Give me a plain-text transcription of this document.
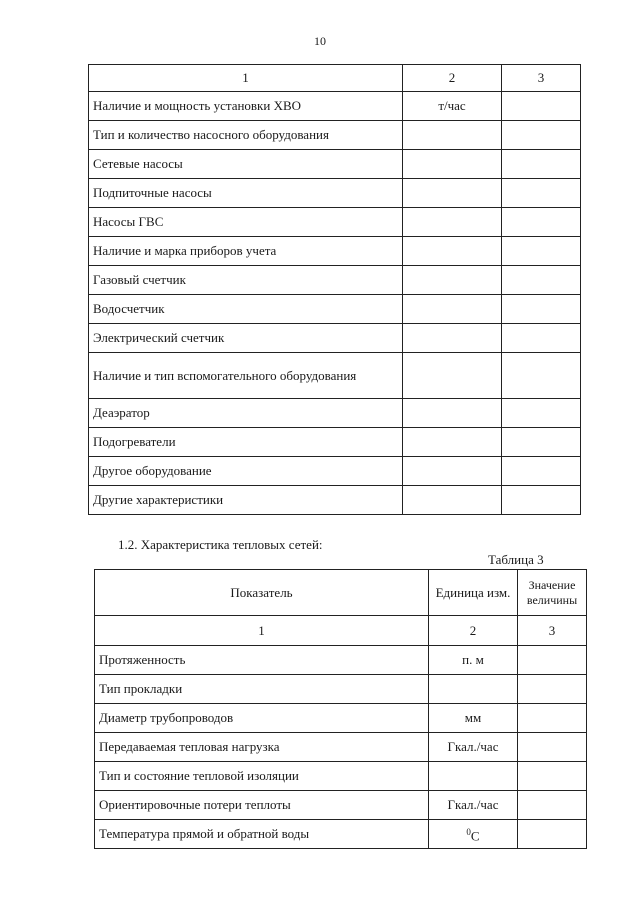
10
1	2	3
Наличие и мощность установки ХВО	т/час	
Тип и количество насосного оборудования		
Сетевые насосы		
Подпиточные насосы		
Насосы ГВС		
Наличие и марка приборов учета		
Газовый счетчик		
Водосчетчик		
Электрический счетчик		
Наличие и тип вспомогательного оборудования		
Деаэратор		
Подогреватели		
Другое оборудование		
Другие характеристики		
1.2. Характеристика тепловых сетей:
Таблица 3
Показатель	Единица изм.	Значение величины
1	2	3
Протяженность	п. м	
Тип прокладки		
Диаметр трубопроводов	мм	
Передаваемая тепловая нагрузка	Гкал./час	
Тип и состояние тепловой изоляции		
Ориентировочные потери теплоты	Гкал./час	
Температура прямой и обратной воды	$^0$С	
